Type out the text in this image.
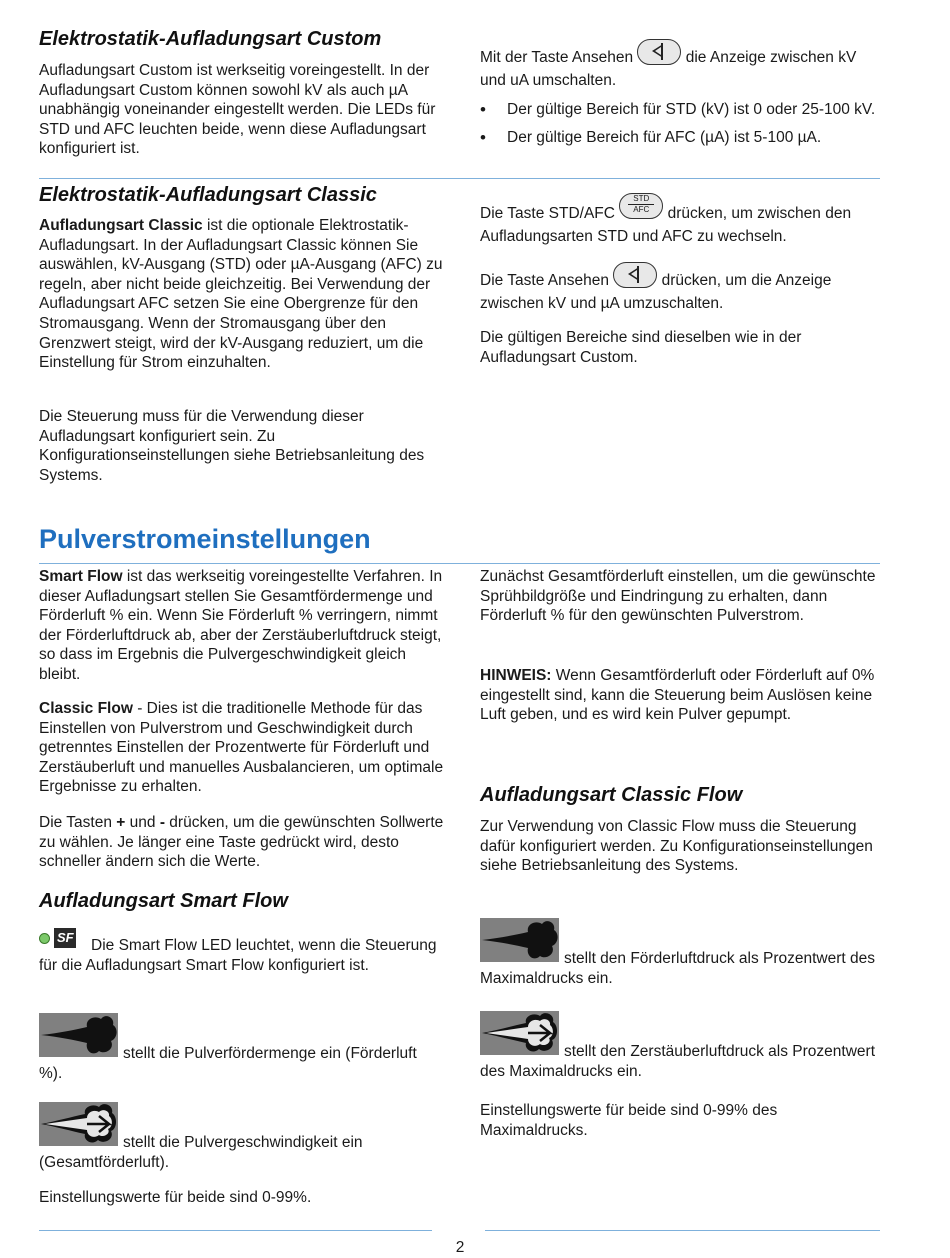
Elektrostatik-Aufladungsart Custom

Aufladungsart Custom ist werkseitig voreingestellt. In der Aufladungsart Custom können sowohl kV als auch µA unabhängig voneinander eingestellt werden. Die LEDs für STD und AFC leuchten beide, wenn diese Aufladungsart konfiguriert ist.

Mit der Taste Ansehen	die Anzeige zwischen kV und uA umschalten.

• Der gültige Bereich für STD (kV) ist 0 oder 25-100 kV.
• Der gültige Bereich für AFC (µA) ist 5-100 µA.
Elektrostatik-Aufladungsart Classic

Aufladungsart Classic ist die optionale Elektrostatik-Aufladungsart. In der Aufladungsart Classic können Sie auswählen, kV-Ausgang (STD) oder µA-Ausgang (AFC) zu regeln, aber nicht beide gleichzeitig. Bei Verwendung der Aufladungsart AFC setzen Sie eine Obergrenze für den Stromausgang. Wenn der Stromausgang über den Grenzwert steigt, wird der kV-Ausgang reduziert, um die Einstellung für Strom einzuhalten.

Die Steuerung muss für die Verwendung dieser Aufladungsart konfiguriert sein. Zu Konfigurationseinstellungen siehe Betriebsanleitung des Systems.

Die Taste STD/AFC
STD
AFC	drücken, um zwischen den Aufladungsarten STD und AFC zu wechseln.

Die Taste Ansehen	drücken, um die Anzeige zwischen kV und µA umzuschalten.

Die gültigen Bereiche sind dieselben wie in der Aufladungsart Custom.

Pulverstromeinstellungen

Smart Flow ist das werkseitig voreingestellte Verfahren. In dieser Aufladungsart stellen Sie Gesamtfördermenge und Förderluft % ein. Wenn Sie Förderluft % verringern, nimmt der Förderluftdruck ab, aber der Zerstäuberluftdruck steigt, so dass im Ergebnis die Pulvergeschwindigkeit gleich bleibt.

Classic Flow - Dies ist die traditionelle Methode für das Einstellen von Pulverstrom und Geschwindigkeit durch getrenntes Einstellen der Prozentwerte für Förderluft und Zerstäuberluft und manuelles Ausbalancieren, um optimale Ergebnisse zu erhalten.

Die Tasten + und - drücken, um die gewünschten Sollwerte zu wählen. Je länger eine Taste gedrückt wird, desto schneller ändern sich die Werte.

Aufladungsart Smart Flow
SF	Die Smart Flow LED leuchtet, wenn die Steuerung für die Aufladungsart Smart Flow konfiguriert ist.

stellt die Pulverfördermenge ein (Förderluft %).

stellt die Pulvergeschwindigkeit ein (Gesamtförderluft).

Einstellungswerte für beide sind 0-99%.

Zunächst Gesamtförderluft einstellen, um die gewünschte Sprühbildgröße und Eindringung zu erhalten, dann Förderluft % für den gewünschten Pulverstrom.

HINWEIS: Wenn Gesamtförderluft oder Förderluft auf 0% eingestellt sind, kann die Steuerung beim Auslösen keine Luft geben, und es wird kein Pulver gepumpt.

Aufladungsart Classic Flow

Zur Verwendung von Classic Flow muss die Steuerung dafür konfiguriert werden. Zu Konfigurationseinstellungen siehe Betriebsanleitung des Systems.

stellt den Förderluftdruck als Prozentwert des Maximaldrucks ein.

stellt den Zerstäuberluftdruck als Prozentwert des Maximaldrucks ein.

Einstellungswerte für beide sind 0-99% des Maximaldrucks.

2
